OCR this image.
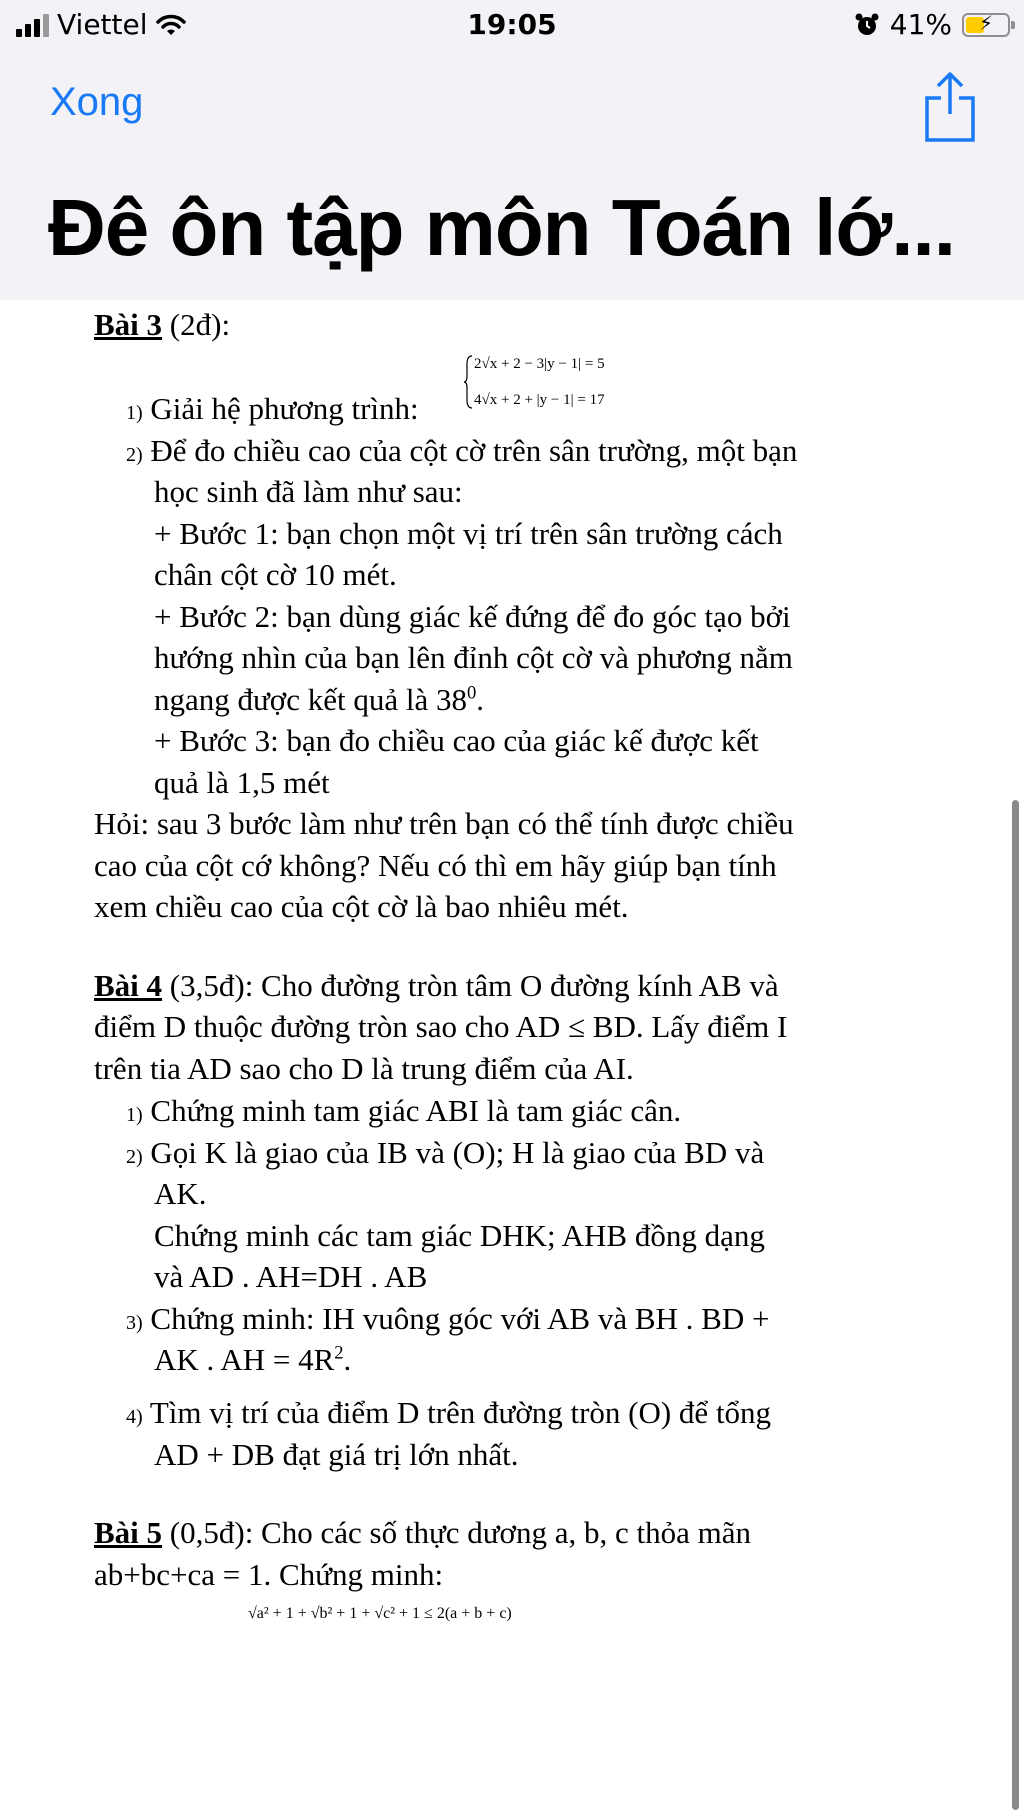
Viettel	19:05	41%	⚡
Xong
Đê ôn tập môn Toán lớ...
Bài 3 (2đ):
1) Giải hệ phương trình:
2√x + 2 − 3|y − 1| = 5
4√x + 2 + |y − 1| = 17
2) Để đo chiều cao của cột cờ trên sân trường, một bạn
học sinh đã làm như sau:
+ Bước 1: bạn chọn một vị trí trên sân trường cách
chân cột cờ 10 mét.
+ Bước 2: bạn dùng giác kế đứng để đo góc tạo bởi
hướng nhìn của bạn lên đỉnh cột cờ và phương nằm
ngang được kết quả là $38^0$.
+ Bước 3: bạn đo chiều cao của giác kế được kết
quả là 1,5 mét
Hỏi: sau 3 bước làm như trên bạn có thể tính được chiều
cao của cột cớ không? Nếu có thì em hãy giúp bạn tính
xem chiều cao của cột cờ là bao nhiêu mét.
Bài 4 (3,5đ): Cho đường tròn tâm O đường kính AB và
điểm D thuộc đường tròn sao cho AD ≤ BD. Lấy điểm I
trên tia AD sao cho D là trung điểm của AI.
1) Chứng minh tam giác ABI là tam giác cân.
2) Gọi K là giao của IB và (O); H là giao của BD và
AK.
Chứng minh các tam giác DHK; AHB đồng dạng
và AD . AH=DH . AB
3) Chứng minh: IH vuông góc với AB và BH . BD +
AK . AH = $4R^2$.
4) Tìm vị trí của điểm D trên đường tròn (O) để tổng
AD + DB đạt giá trị lớn nhất.
Bài 5 (0,5đ): Cho các số thực dương a, b, c thỏa mãn
ab+bc+ca = 1. Chứng minh:
√a² + 1 + √b² + 1 + √c² + 1 ≤ 2(a + b + c)
